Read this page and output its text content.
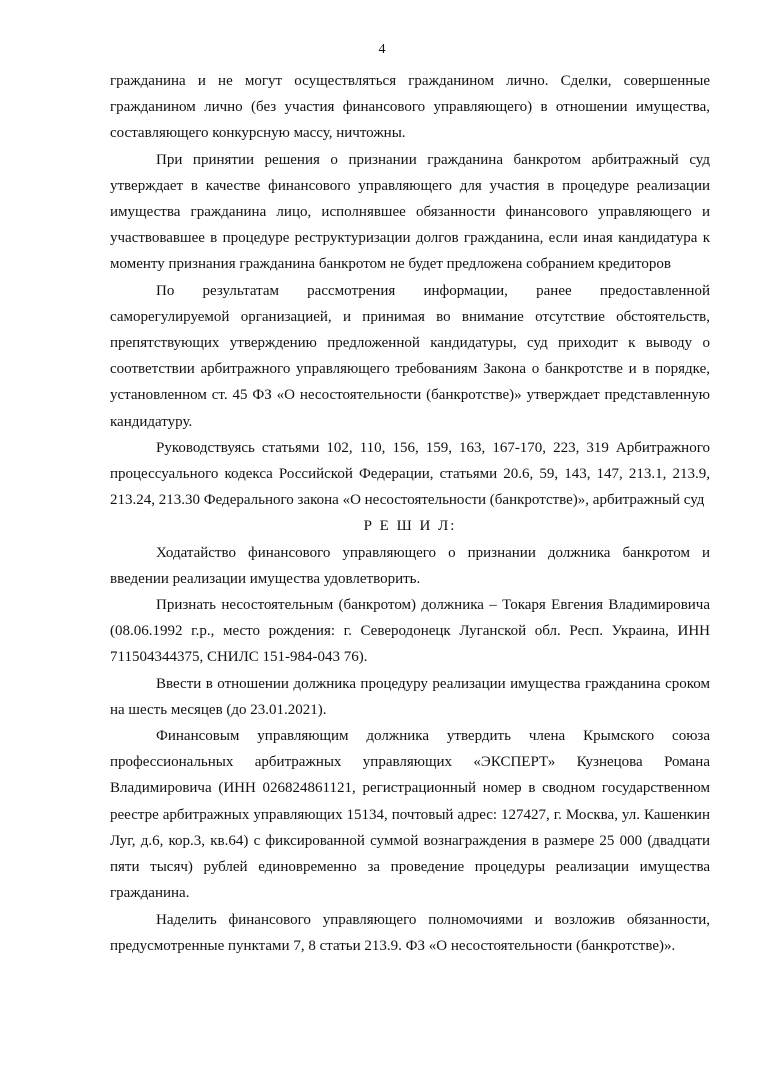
4

гражданина и не могут осуществляться гражданином лично. Сделки, совершенные гражданином лично (без участия финансового управляющего) в отношении имущества, составляющего конкурсную массу, ничтожны.

При принятии решения о признании гражданина банкротом арбитражный суд утверждает в качестве финансового управляющего для участия в процедуре реализации имущества гражданина лицо, исполнявшее обязанности финансового управляющего и участвовавшее в процедуре реструктуризации долгов гражданина, если иная кандидатура к моменту признания гражданина банкротом не будет предложена собранием кредиторов

По результатам рассмотрения информации, ранее предоставленной саморегулируемой организацией, и принимая во внимание отсутствие обстоятельств, препятствующих утверждению предложенной кандидатуры, суд приходит к выводу о соответствии арбитражного управляющего требованиям Закона о банкротстве и в порядке, установленном ст. 45 ФЗ «О несостоятельности (банкротстве)» утверждает представленную кандидатуру.

Руководствуясь статьями 102, 110, 156, 159, 163, 167-170, 223, 319 Арбитражного процессуального кодекса Российской Федерации, статьями 20.6, 59, 143, 147, 213.1, 213.9, 213.24, 213.30 Федерального закона «О несостоятельности (банкротстве)», арбитражный суд

Р Е Ш И Л:

Ходатайство финансового управляющего о признании должника банкротом и введении реализации имущества удовлетворить.

Признать несостоятельным (банкротом) должника – Токаря Евгения Владимировича (08.06.1992 г.р., место рождения: г. Северодонецк Луганской обл. Респ. Украина, ИНН 711504344375, СНИЛС 151-984-043 76).

Ввести в отношении должника процедуру реализации имущества гражданина сроком на шесть месяцев (до 23.01.2021).

Финансовым управляющим должника утвердить члена Крымского союза профессиональных арбитражных управляющих «ЭКСПЕРТ» Кузнецова Романа Владимировича (ИНН 026824861121, регистрационный номер в сводном государственном реестре арбитражных управляющих 15134, почтовый адрес: 127427, г. Москва, ул. Кашенкин Луг, д.6, кор.3, кв.64) с фиксированной суммой вознаграждения в размере 25 000 (двадцати пяти тысяч) рублей единовременно за проведение процедуры реализации имущества гражданина.

Наделить финансового управляющего полномочиями и возложив обязанности, предусмотренные пунктами 7, 8 статьи 213.9. ФЗ «О несостоятельности (банкротстве)».
